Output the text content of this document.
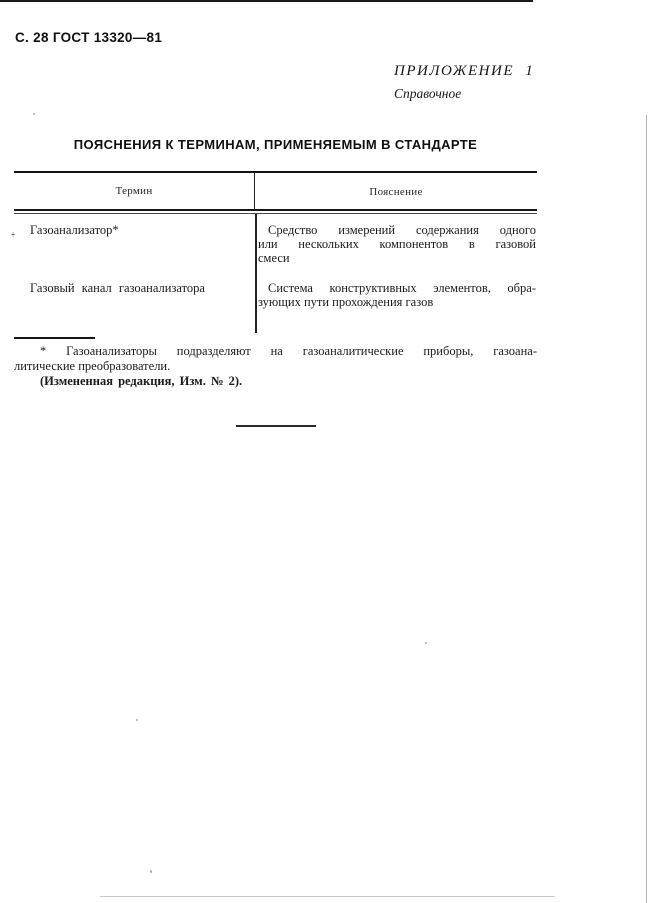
С. 28 ГОСТ 13320—81
ПРИЛОЖЕНИЕ 1
Справочное
ПОЯСНЕНИЯ К ТЕРМИНАМ, ПРИМЕНЯЕМЫМ В СТАНДАРТЕ
Термин	Пояснение
Газоанализатор*	Средство измерений содержания одного
или нескольких компонентов в газовой
смеси
Газовый канал газоанализатора	Система конструктивных элементов, обра-
зующих пути прохождения газов
+
* Газоанализаторы подразделяют на газоаналитические приборы, газоана-
литические преобразователи.
(Измененная редакция, Изм. № 2).
